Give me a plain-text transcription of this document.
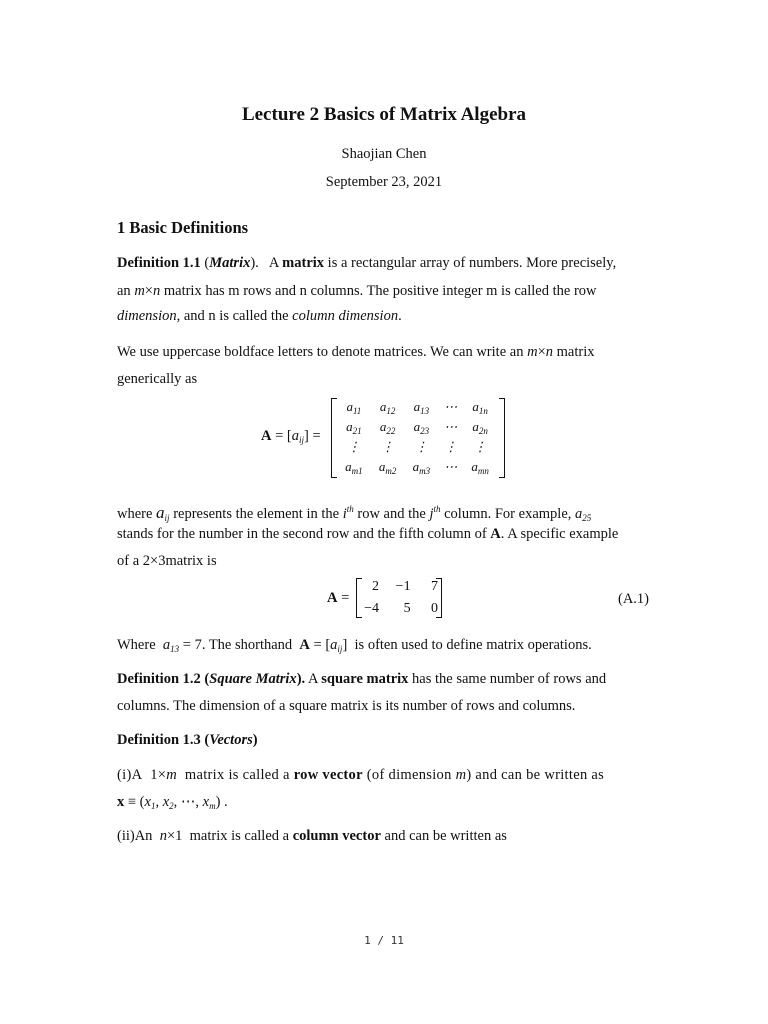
Lecture 2 Basics of Matrix Algebra
Shaojian Chen
September 23, 2021
1 Basic Definitions
Definition 1.1 (Matrix).   A matrix is a rectangular array of numbers. More precisely,
an m×n matrix has m rows and n columns. The positive integer m is called the row
dimension, and n is called the column dimension.
We use uppercase boldface letters to denote matrices. We can write an m×n matrix
generically as
$A = [a_{ij}]$ =
$a_{11}$	$a_{12}$	$a_{13}$	⋯	$a_{1n}$
$a_{21}$	$a_{22}$	$a_{23}$	⋯	$a_{2n}$
⋮	⋮	⋮	⋮	⋮
$a_{m1}$	$a_{m2}$	$a_{m3}$	⋯	$a_{mn}$
where $a_{ij}$ represents the element in the $i^{th}$ row and the $j^{th}$ column. For example, $a_{25}$
stands for the number in the second row and the fifth column of A. A specific example
of a 2×3matrix is
A =
2	−1	7
−4	5	0
(A.1)
Where $a_{13} = 7$. The shorthand $A = [a_{ij}]$  is often used to define matrix operations.
Definition 1.2 (Square Matrix). A square matrix has the same number of rows and
columns. The dimension of a square matrix is its number of rows and columns.
Definition 1.3 (Vectors)
(i)A  1×m matrix is called a row vector (of dimension m) and can be written as
$x \equiv (x_1$, $x_2$, ⋯, $x_m$) .
(ii)An n×1  matrix is called a column vector and can be written as
1 / 11
